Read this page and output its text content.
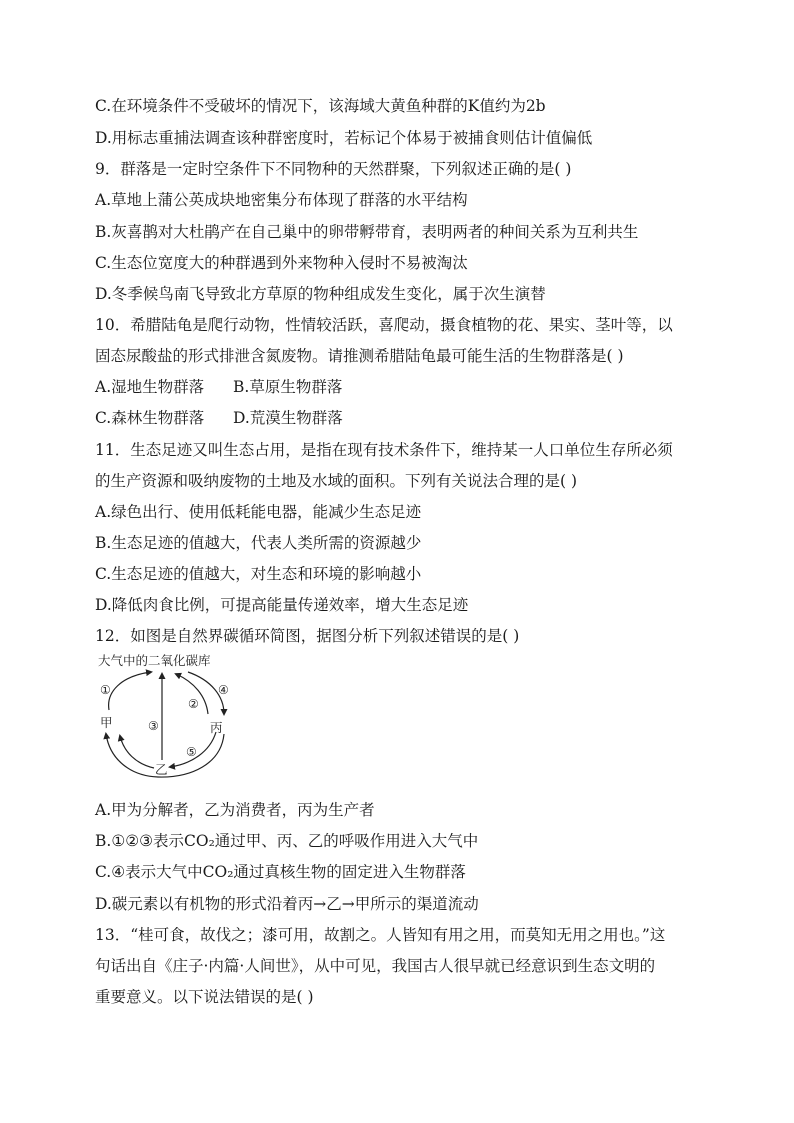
C.在环境条件不受破坏的情况下，该海域大黄鱼种群的K值约为2b
D.用标志重捕法调查该种群密度时，若标记个体易于被捕食则估计值偏低
9．群落是一定时空条件下不同物种的天然群聚，下列叙述正确的是( )
A.草地上蒲公英成块地密集分布体现了群落的水平结构
B.灰喜鹊对大杜鹃产在自己巢中的卵带孵带育，表明两者的种间关系为互利共生
C.生态位宽度大的种群遇到外来物种入侵时不易被淘汰
D.冬季候鸟南飞导致北方草原的物种组成发生变化，属于次生演替
10．希腊陆龟是爬行动物，性情较活跃，喜爬动，摄食植物的花、果实、茎叶等，以
固态尿酸盐的形式排泄含氮废物。请推测希腊陆龟最可能生活的生物群落是( )
A.湿地生物群落 B.草原生物群落
C.森林生物群落 D.荒漠生物群落
11．生态足迹又叫生态占用，是指在现有技术条件下，维持某一人口单位生存所必须
的生产资源和吸纳废物的土地及水域的面积。下列有关说法合理的是( )
A.绿色出行、使用低耗能电器，能减少生态足迹
B.生态足迹的值越大，代表人类所需的资源越少
C.生态足迹的值越大，对生态和环境的影响越小
D.降低肉食比例，可提高能量传递效率，增大生态足迹
12．如图是自然界碳循环简图，据图分析下列叙述错误的是( )
大气中的二氧化碳库
①	④
②
③
⑤
甲	丙
乙
A.甲为分解者，乙为消费者，丙为生产者
B.①②③表示CO₂通过甲、丙、乙的呼吸作用进入大气中
C.④表示大气中CO₂通过真核生物的固定进入生物群落
D.碳元素以有机物的形式沿着丙→乙→甲所示的渠道流动
13．“桂可食，故伐之；漆可用，故割之。人皆知有用之用，而莫知无用之用也。”这
句话出自《庄子·内篇·人间世》，从中可见，我国古人很早就已经意识到生态文明的
重要意义。以下说法错误的是( )
